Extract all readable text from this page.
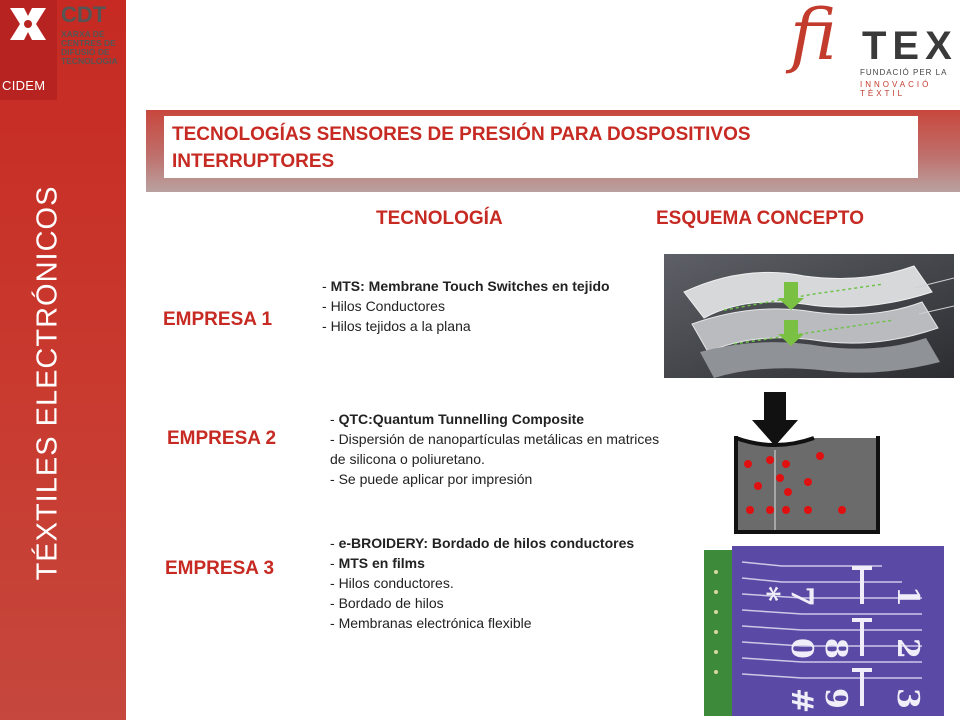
CIDEM
TÉXTILES ELECTRÓNICOS
CDT
XARXA DE
CENTRES DE
DIFUSIÓ DE
TECNOLOGIA	fi TEX
FUNDACIÓ PER LA
INNOVACIÓ TÈXTIL
TECNOLOGÍAS SENSORES DE PRESIÓN PARA DOSPOSITIVOS INTERRUPTORES
TECNOLOGÍA	ESQUEMA CONCEPTO
EMPRESA 1
EMPRESA 2
EMPRESA 3
- MTS: Membrane Touch Switches en tejido
- Hilos Conductores
- Hilos tejidos a la plana
- QTC:Quantum Tunnelling Composite
- Dispersión de nanopartículas metálicas en matrices de silicona o poliuretano.
- Se puede aplicar por impresión
- e-BROIDERY: Bordado de hilos conductores
- MTS en films
- Hilos conductores.
- Bordado de hilos
- Membranas electrónica flexible
1
2
3
7
8
9
*
0
#
